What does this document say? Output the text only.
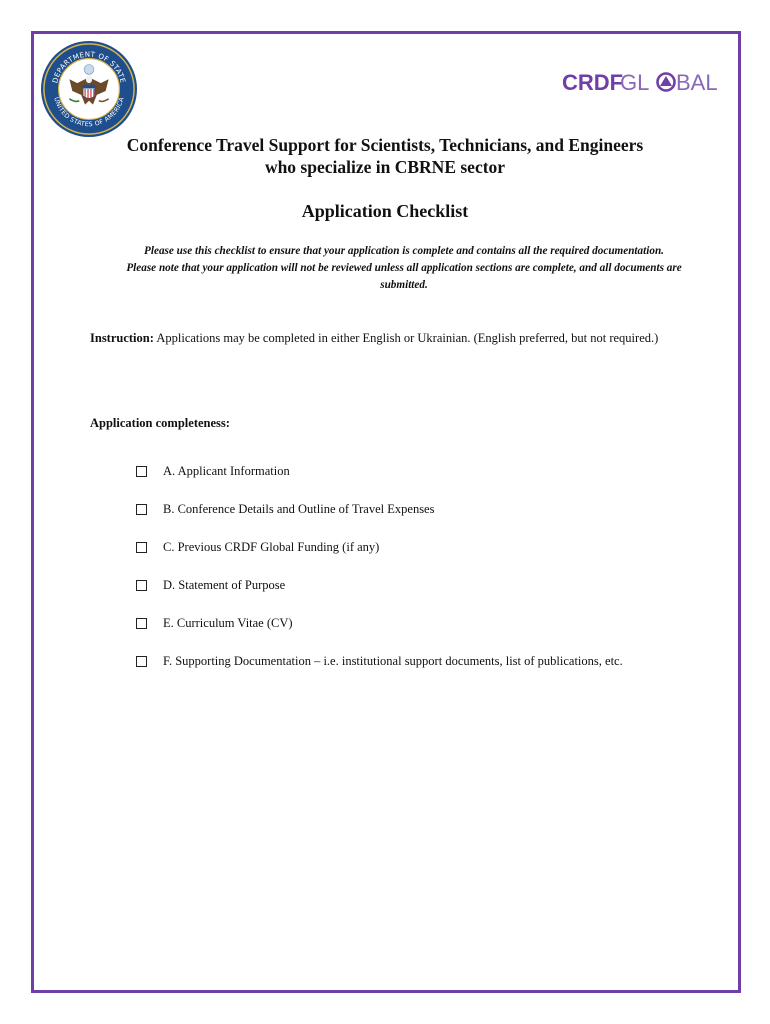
DEPARTMENT OF STATE
UNITED STATES OF AMERICA
CRDF
GL BAL
Conference Travel Support for Scientists, Technicians, and Engineers
who specialize in CBRNE sector
Application Checklist
Please use this checklist to ensure that your application is complete and contains all the required documentation.
Please note that your application will not be reviewed unless all application sections are complete, and all documents are
submitted.
Instruction: Applications may be completed in either English or Ukrainian. (English preferred, but not required.)
Application completeness:
A. Applicant Information
B. Conference Details and Outline of Travel Expenses
C. Previous CRDF Global Funding (if any)
D. Statement of Purpose
E. Curriculum Vitae (CV)
F. Supporting Documentation – i.e. institutional support documents, list of publications, etc.
